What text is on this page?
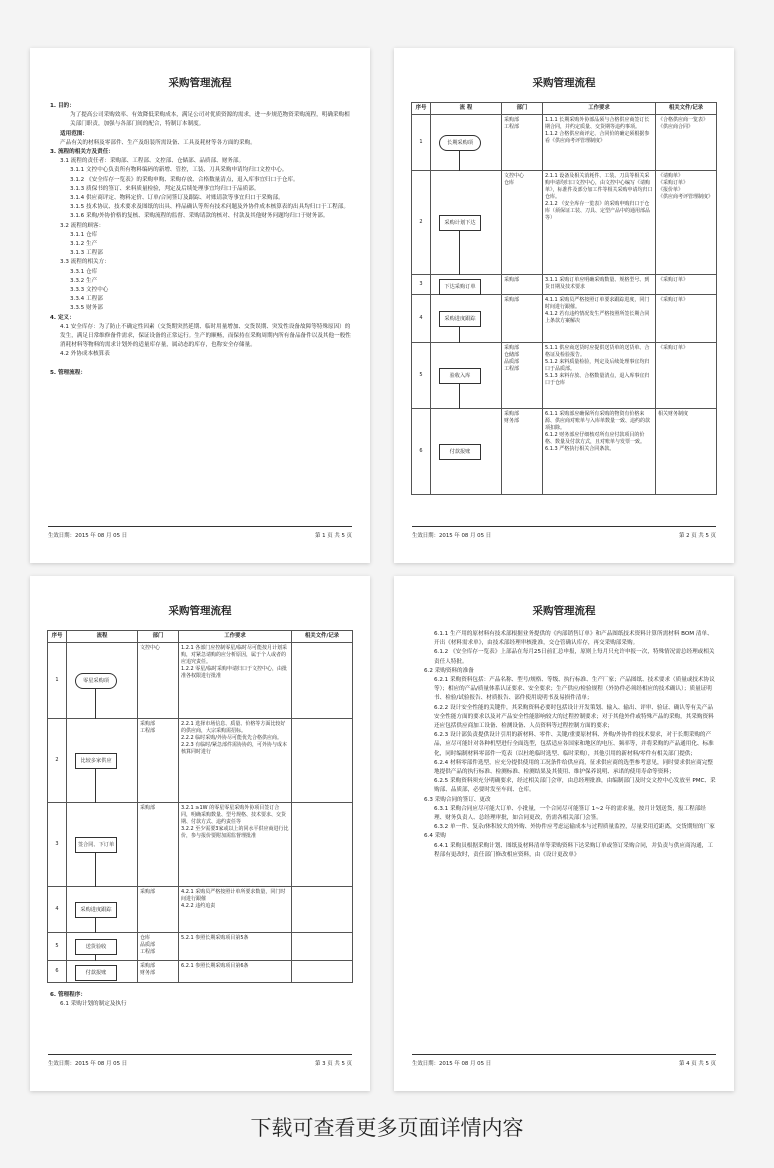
采购管理流程
1. 目的：
为了提高公司采购效率、有效降低采购成本，满足公司对优质资源的需求，进一步规范物资采购流程，明确采购相关部门职责，加强与各部门间的配合，特制订本制度。
适用范围：
产品有关的材料及零部件、生产及组装所需设备、工具及耗材等各方面的采购。
3. 流程的相关方及责任：
3.1 流程的责任者：采购部、工程部、文控部、仓储部、品质部、财务部。
3.1.1 文控中心负责所有物料编码的新增、管控，工装、刀具采购申请均归口文控中心。
3.1.2 《安全库存一览表》的采购申购、采购存放、合格数量清点，退入库事宜归口于仓库。
3.1.3 质保书的签订、来料质量检验，判定及后续处理事宜均归口于品质部。
3.1.4 供应商评定、物料定价、订单/合同签订及跟踪、对账请款等事宜归口于采购部。
3.1.5 技术协议、技术要求及图纸的出具、样品确认等所有技术问题及外协件成本核算表的出具均归口于工程部。
3.1.6 采购/外协价格的复核、采购流程的监督、采购请款的核对、付款及其他财务问题均归口于财务部。
3.2 流程的顾客：
3.1.1 仓库
3.1.2 生产
3.1.3 工程部
3.3 流程的相关方：
3.3.1 仓库
3.3.2 生产
3.3.3 文控中心
3.3.4 工程部
3.3.5 财务部
4. 定义：
4.1 安全库存：为了防止不确定性因素（交货期突然延期、临时用量增加、交货误期、突发性设备故障等特殊原因）的发生，满足日常维修备件需求，保证设备的正常运行。生产的顺畅，而保持在采购周期内所有备品备件以及其他一般性消耗材料等物料的需求计划外的适量库存量，属动态的库存，也称安全存储量。
4.2 外协成本核算表

5. 管理流程：
生效日期：2015 年 08 月 05 日	第 1 页 共 5 页
采购管理流程
序号	流 程	部门	工作要求	相关文件/记录
1	长期采购项	采购部
工程部	1.1.1 长期采购外协部品须与合格供应商签订长期合同，并约定质量、交货期等违约事项。
1.1.2 合格供应商评定、合同价的确定须根据参看《供应商考评管理制度》	《合格供应商一览表》
《供应商合同》
2	采购计划下达	文控中心
仓库	2.1.1 设备及相关消耗件、工装、刀具等相关采购申请均归口文控中心，由文控中心编写《请购单》，标准件及部分加工件等相关采购申请均归口仓库。
2.1.2 《安全库存一览表》的采购申购归口于仓库（须保证工装、刀具、定型产品中的通用部品等）	《请购单》
《采购订单》
《报价单》
《供应商考评管理制度》
3	下达采购订单	采购部	3.1.1 采购订单应明确采购数量、规格型号、到货日期及技术要求	《采购订单》
4	采购进度跟踪	采购部	4.1.1 采购员严格按照订单要求跟踪进度，同门时间进行跟催。
4.1.2 若有违约情况发生严格按照所签长期合同上条款方案解决	《采购订单》
5	验收入库	采购部
仓储部
品质部
工程部	5.1.1 供应商送货时应提供送货单的送货单、合格证及检验报告。
5.1.2 来料质量检验，判定及后续处理事宜均归口于品质部。
5.1.3 来料存放、合格数量清点，退入库事宜归口于仓库	《采购订单》
6	付款报账	采购部
财务部	6.1.1 采购部应确保所有采购的物资有价格来源、供应商对账单与入库单数量一致、违约的款项扣除。
6.1.2 财务部应仔细核对所有应付款项目的价格、数量及付款方式，且对账单与发票一致。
6.1.3 严格执行相关合同条款。	相关财务制度
生效日期：2015 年 08 月 05 日	第 2 页 共 5 页
采购管理流程
序号	流程	部门	工作要求	相关文件/记录
1	零星采购项	文控中心	1.2.1 各部门应控制零星/临时尽可能按月计划采购，对紧急请购的应分析原因，属于个人或者的应追究责任。
1.2.2 零星/临时采购申请归口于文控中心，由批准各权限进行批准	
2	比较多家供应	采购部
工程部	2.2.1 选择市场信息、质量、价格等方面比较好的供应商，大宗采购需招标。
2.2.2 临时采购/外协尽可能优先合格供应商。
2.2.3 有临时/紧急部件需协协的，可外协与成本核算同时进行	
3	签合同、下订单	采购部	3.2.1 ≥1W 的零星零星采购外协项目签订合同，明确采购数量、型号规格、技术要求、交货期、付款方式、违约责任等
3.2.2 至少需要3家或以上的同水平供应商进行比价，参与报价要附加需监督理批准	
4	采购进度跟踪	采购部	4.2.1 采购员严格按照计单所要求数量，同门时间进行跟催
4.2.2 违约追责	
5	送货验收	仓库
品质部
工程部	5.2.1 参照长期采购项目第5条	
6	付款报账	采购部
财务部	6.2.1 参照长期采购项目第6条	
6. 管理程序：
6.1 采购计划的制定及执行
生效日期：2015 年 08 月 05 日	第 3 页 共 5 页
采购管理流程
6.1.1 生产用的原材料有技术部根据业务提供的《内部销售订单》和产品图纸技术资料计算所需材料 BOM 清单、开出《材料需求单》，由技术部经理审核批准，交仓管确认库存，再交采购部采购。
6.1.2 《安全库存一览表》上部品在每月25日前汇总申报，原则上每月只允许申报一次，特殊情况需总经理或相关责任人特批。
6.2 采购资料的准备
6.2.1 采购资料包括：产品名称、型号/规格、等级、执行标准、生产厂家；产品图纸、技术要求（质量或技术协议等）；相应的产品/质量体系认证要求、安全要求；生产供应/检验规程（外协件必须经相应的技术确认）；质量证明书、检验/试验报告、材质报告、部件使用说明书及易损件清单；
6.2.2 设计安全性能的关键件，其采购资料必要时包括设计开发策划、输入、输出、评审、验证、确认等有关产品安全性能方面的要求以及对产品安全性能影响较大的过程控制要求；对于其他外件或特殊产品的采购，其采购资料还应包括供应商加工设备、检测设备、人员资料等过程控制方面的要求；
6.2.3 设计部负责提供设计引用的新材料、零件、关键/重要原材料、外购/外协件的技术要求，对于长期采购的产品，应尽可能针对各种机型进行全面选型，包括适应各国家和地区的电压、频率等，并将采购的产品通用化、标准化，同时编制材料零部件一览表（以杜绝临时选型、临时采购），其他引用的新材料/零件有相关部门提供；
6.2.4 材料零部件选型，应充分提供使用的工况条件给供应商，征求供应商的选型参考意见，同时要求供应商完整地提供产品的执行标准、检测标准、检测结果及其使用、维护保养说明、承诺的使用寿命等资料；
6.2.5 采购资料须充分明确要求，经过相关部门会审，由总经理批准，由编制部门及时交文控中心发放至 PMC、采购部、品质部，必要时发至车间、仓库。
6.3 采购合同的签订、更改
6.3.1 采购合同应尽可能大订单、小批量，一个合同尽可能签订 1~2 年的需求量，按月计划送货，报工程部经理、财务负责人、总经理审批，如合同更改，仍需各相关部门会签。
6.3.2 单一件、复杂/体积较大的外购、外协件应考虑运输成本与过程质量监控，尽量采用近距离，交货期短的厂家
6.4 采购
6.4.1 采购员根据采购计划、图纸及材料清单等采购资料下达采购订单或签订采购合同，并负责与供应商沟通，工程部有更改时，责任部门修改相应资料，由《设计更改单》
生效日期：2015 年 08 月 05 日	第 4 页 共 5 页
下载可查看更多页面详情内容
